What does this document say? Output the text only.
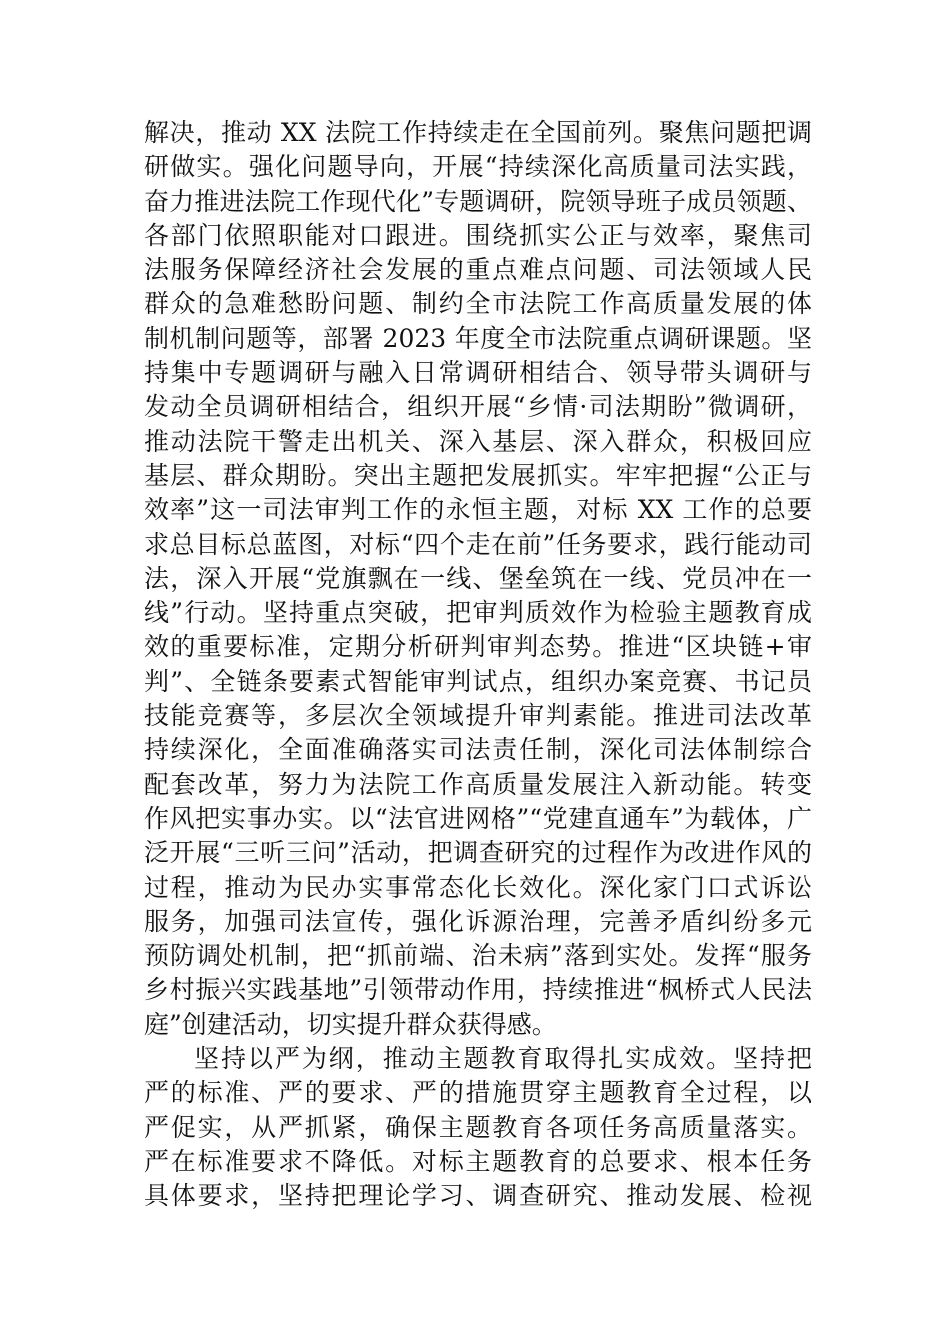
解决，推动 XX 法院工作持续走在全国前列。聚焦问题把调
研做实。强化问题导向，开展“持续深化高质量司法实践，
奋力推进法院工作现代化”专题调研，院领导班子成员领题、
各部门依照职能对口跟进。围绕抓实公正与效率，聚焦司
法服务保障经济社会发展的重点难点问题、司法领域人民
群众的急难愁盼问题、制约全市法院工作高质量发展的体
制机制问题等，部署 2023 年度全市法院重点调研课题。坚
持集中专题调研与融入日常调研相结合、领导带头调研与
发动全员调研相结合，组织开展“乡情·司法期盼”微调研，
推动法院干警走出机关、深入基层、深入群众，积极回应
基层、群众期盼。突出主题把发展抓实。牢牢把握“公正与
效率”这一司法审判工作的永恒主题，对标 XX 工作的总要
求总目标总蓝图，对标“四个走在前”任务要求，践行能动司
法，深入开展“党旗飘在一线、堡垒筑在一线、党员冲在一
线”行动。坚持重点突破，把审判质效作为检验主题教育成
效的重要标准，定期分析研判审判态势。推进“区块链+审
判”、全链条要素式智能审判试点，组织办案竞赛、书记员
技能竞赛等，多层次全领域提升审判素能。推进司法改革
持续深化，全面准确落实司法责任制，深化司法体制综合
配套改革，努力为法院工作高质量发展注入新动能。转变
作风把实事办实。以“法官进网格”“党建直通车”为载体，广
泛开展“三听三问”活动，把调查研究的过程作为改进作风的
过程，推动为民办实事常态化长效化。深化家门口式诉讼
服务，加强司法宣传，强化诉源治理，完善矛盾纠纷多元
预防调处机制，把“抓前端、治未病”落到实处。发挥“服务
乡村振兴实践基地”引领带动作用，持续推进“枫桥式人民法
庭”创建活动，切实提升群众获得感。
坚持以严为纲，推动主题教育取得扎实成效。坚持把
严的标准、严的要求、严的措施贯穿主题教育全过程，以
严促实，从严抓紧，确保主题教育各项任务高质量落实。
严在标准要求不降低。对标主题教育的总要求、根本任务
具体要求，坚持把理论学习、调查研究、推动发展、检视
